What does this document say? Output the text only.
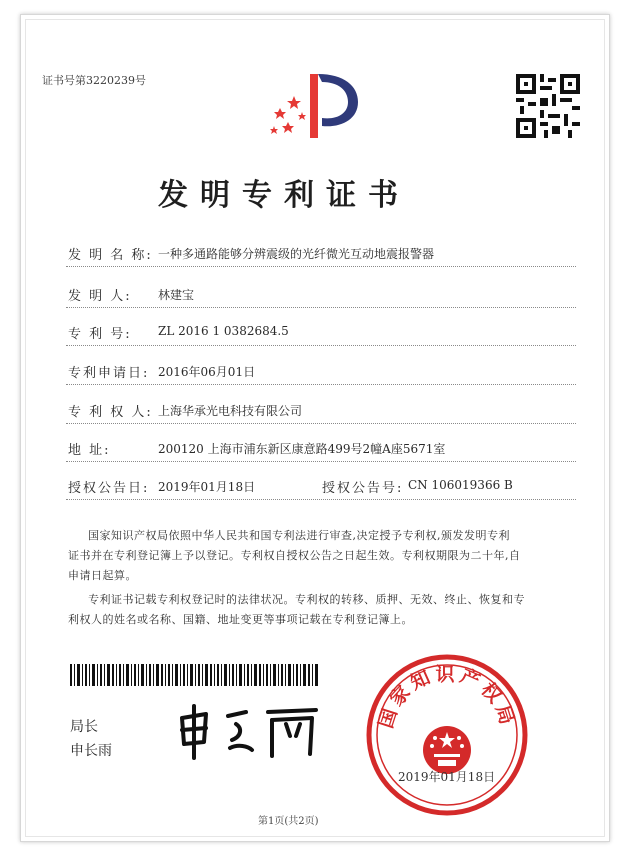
证书号第3220239号
发明专利证书
发 明 名 称: 一种多通路能够分辨震级的光纤微光互动地震报警器
发 明 人: 林建宝
专 利 号: ZL 2016 1 0382684.5
专利申请日: 2016年06月01日
专 利 权 人: 上海华承光电科技有限公司
地 址:	200120 上海市浦东新区康意路499号2幢A座5671室
授权公告日: 2019年01月18日	授权公告号: CN 106019366 B
国家知识产权局依照中华人民共和国专利法进行审查,决定授予专利权,颁发发明专利
证书并在专利登记簿上予以登记。专利权自授权公告之日起生效。专利权期限为二十年,自
申请日起算。
专利证书记载专利权登记时的法律状况。专利权的转移、质押、无效、终止、恢复和专
利权人的姓名或名称、国籍、地址变更等事项记载在专利登记簿上。
局长
申长雨
国家知识产权局
2019年01月18日
第1页(共2页)
